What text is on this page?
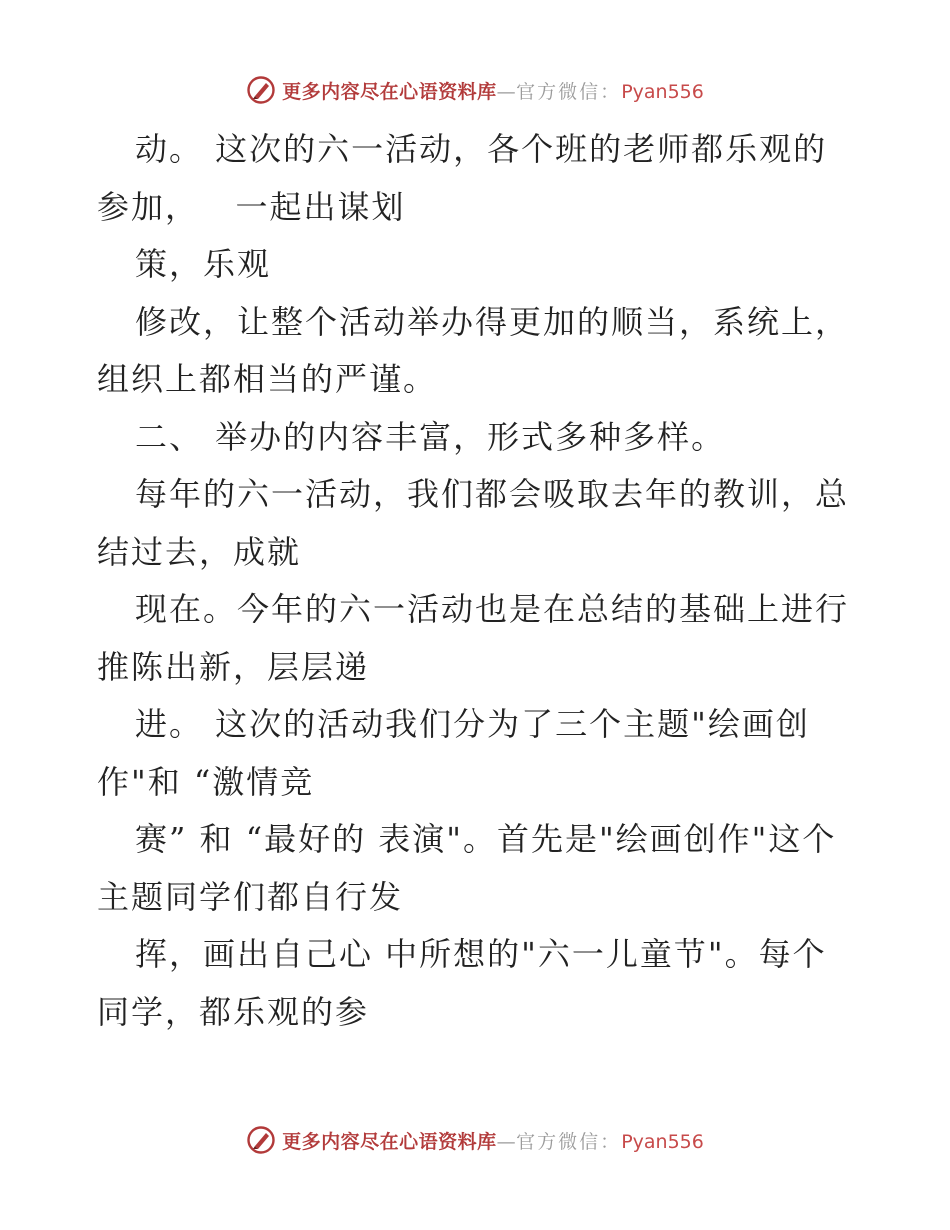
更多内容尽在心语资料库—官方微信：Pyan556
动。 这次的六一活动，各个班的老师都乐观的
参加，   一起出谋划
策，乐观
修改，让整个活动举办得更加的顺当，系统上，
组织上都相当的严谨。
二、 举办的内容丰富，形式多种多样。
每年的六一活动，我们都会吸取去年的教训，总
结过去，成就
现在。今年的六一活动也是在总结的基础上进行
推陈出新，层层递
进。 这次的活动我们分为了三个主题"绘画创
作"和 “激情竞
赛” 和 “最好的 表演"。首先是"绘画创作"这个
主题同学们都自行发
挥，画出自己心 中所想的"六一儿童节"。每个
同学，都乐观的参
更多内容尽在心语资料库—官方微信：Pyan556
